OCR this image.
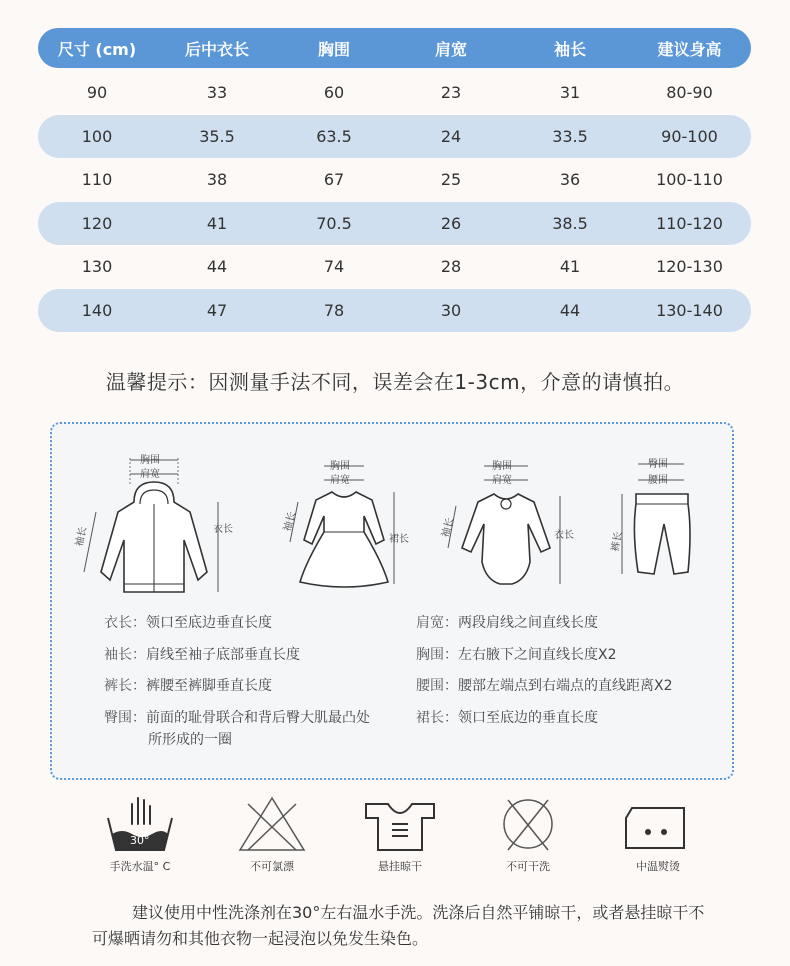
尺寸 (cm)	后中衣长	胸围	肩宽	袖长	建议身高
90	33	60	23	31	80-90
100	35.5	63.5	24	33.5	90-100
110	38	67	25	36	100-110
120	41	70.5	26	38.5	110-120
130	44	74	28	41	120-130
140	47	78	30	44	130-140
温馨提示：因测量手法不同，误差会在1-3cm，介意的请慎拍。
胸围
肩宽
衣长
袖长
胸围
肩宽
裙长
袖长
胸围
肩宽
衣长
袖长
臀围
腰围
裤长
衣长：领口至底边垂直长度
袖长：肩线至袖子底部垂直长度
裤长：裤腰至裤脚垂直长度
臀围：前面的耻骨联合和背后臀大肌最凸处
所形成的一圈
肩宽：两段肩线之间直线长度
胸围：左右腋下之间直线长度X2
腰围：腰部左端点到右端点的直线距离X2
裙长：领口至底边的垂直长度
30°
手洗水温° C	不可氯漂	悬挂晾干	不可干洗	中温熨烫
建议使用中性洗涤剂在30°左右温水手洗。洗涤后自然平铺晾干，或者悬挂晾干不可爆晒请勿和其他衣物一起浸泡以免发生染色。
